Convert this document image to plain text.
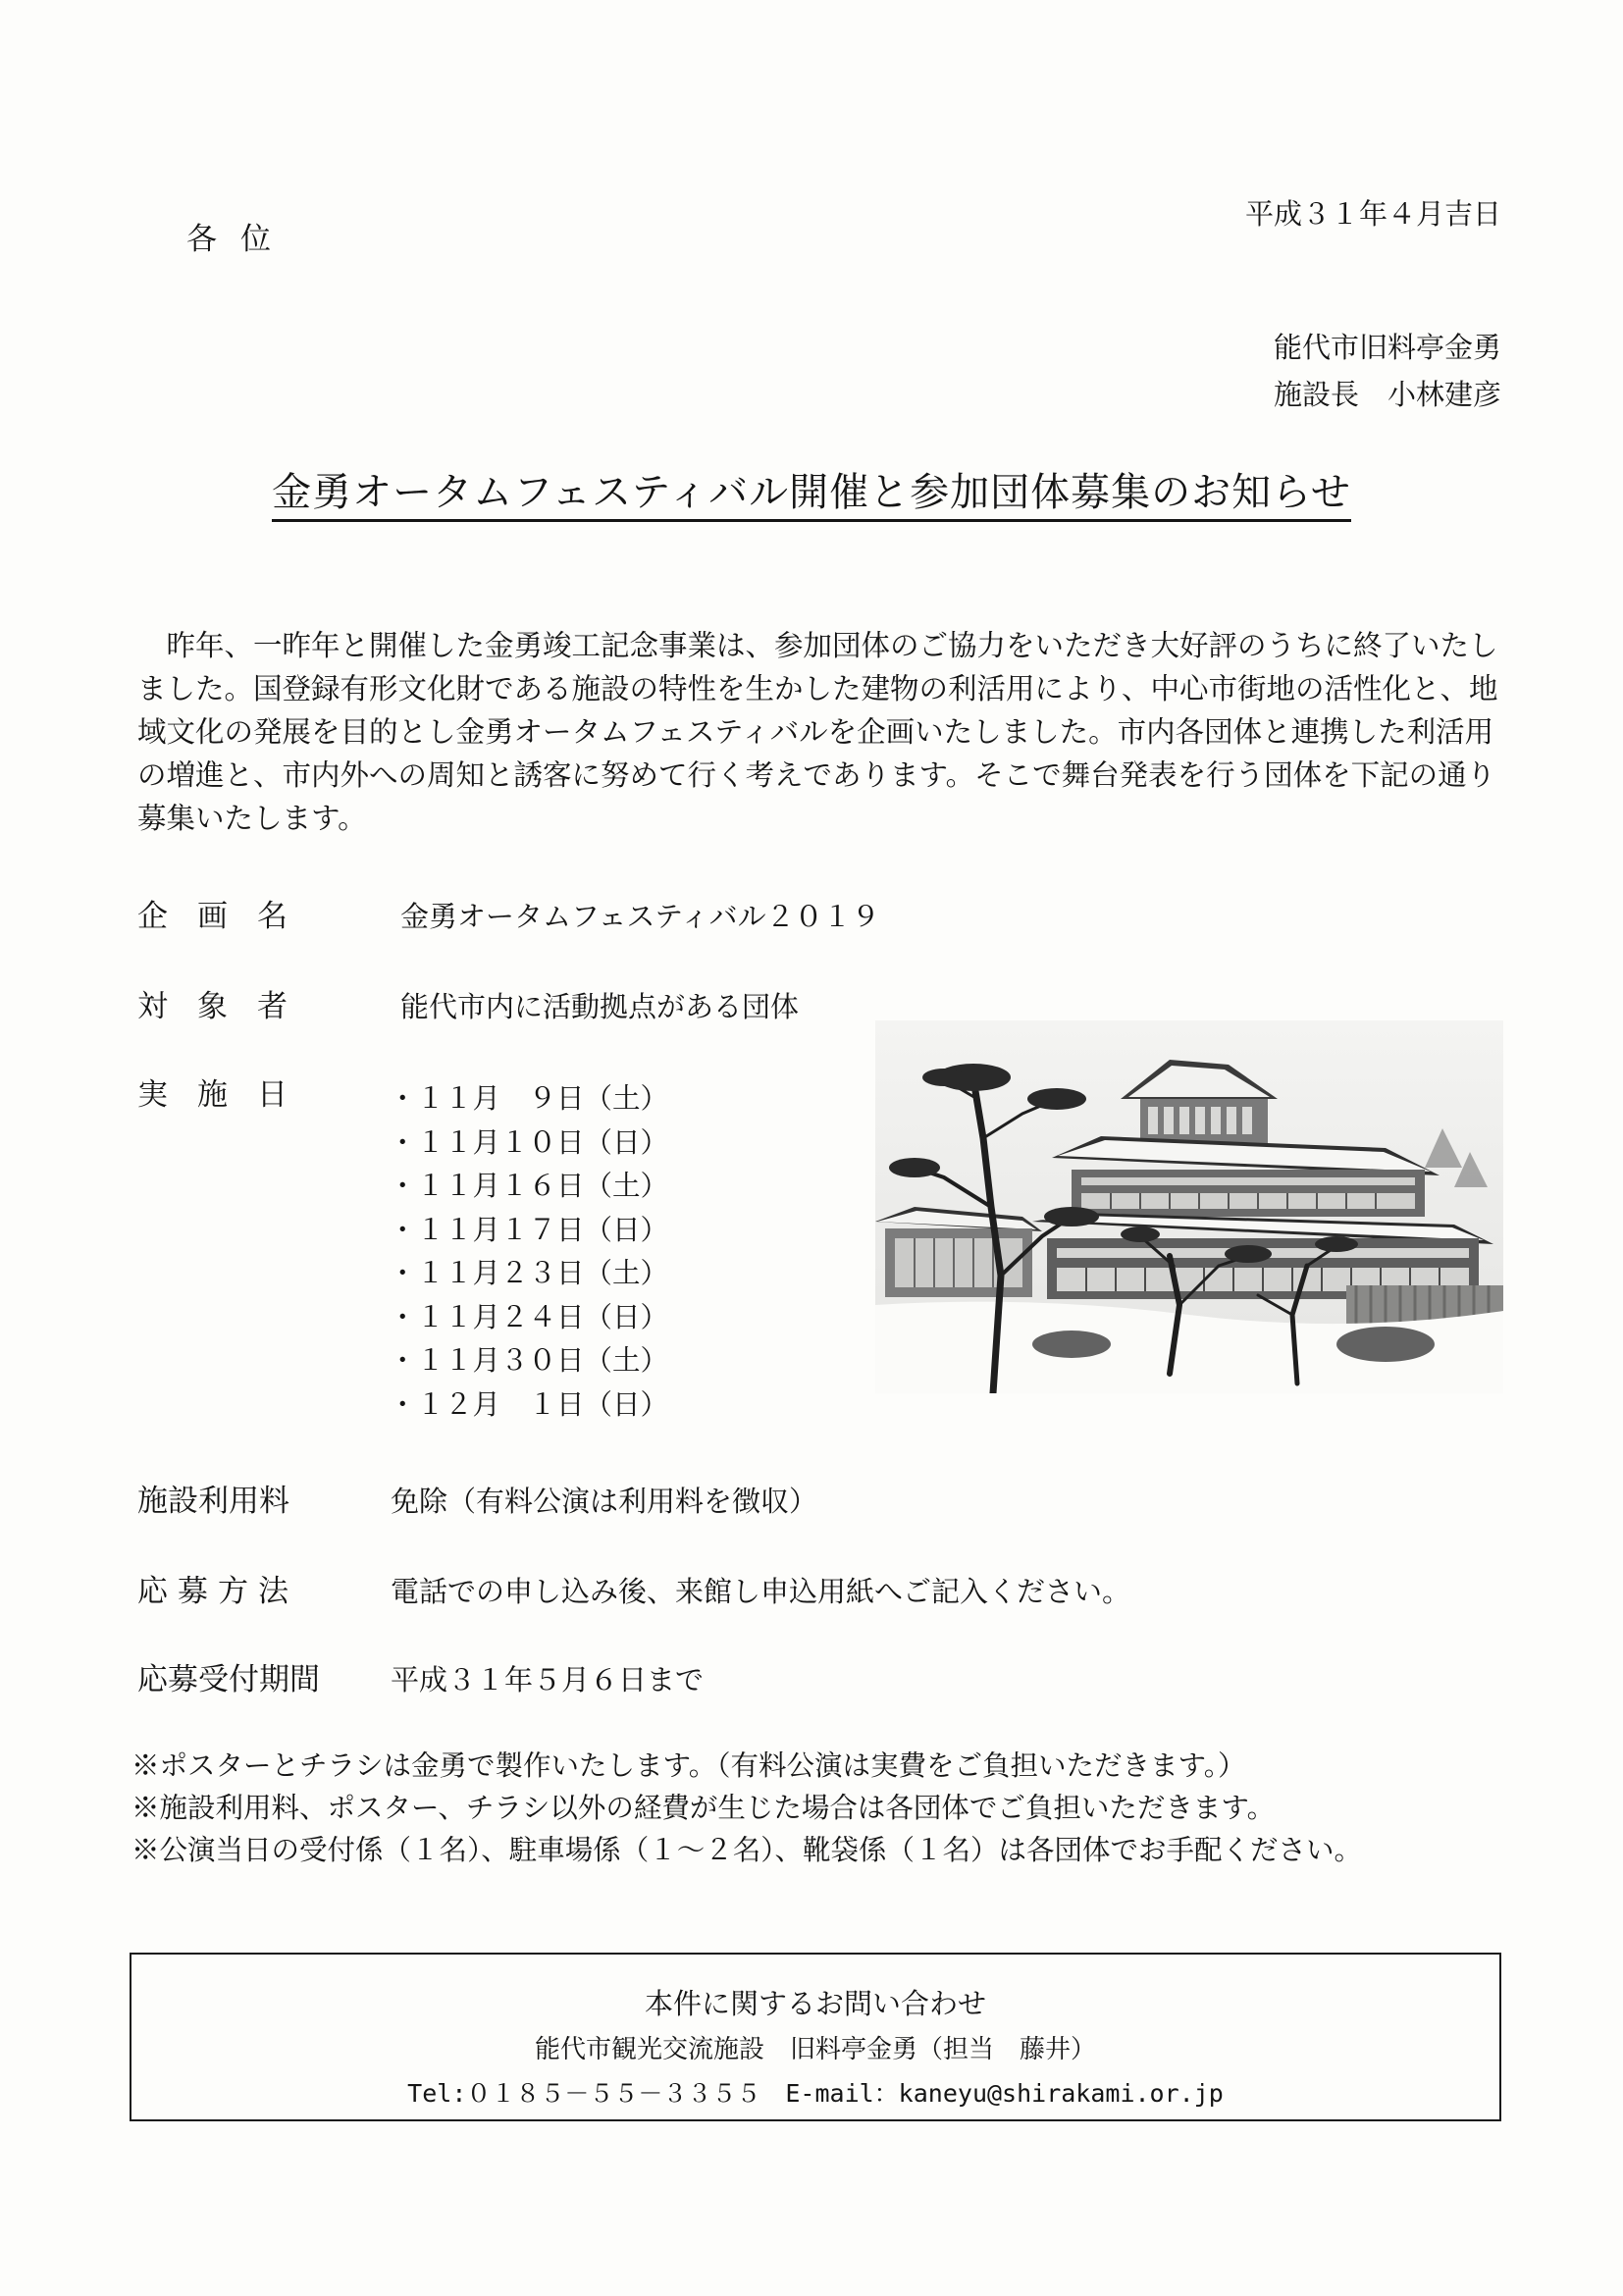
各位
平成３１年４月吉日
能代市旧料亭金勇
施設長　小林建彦
金勇オータムフェスティバル開催と参加団体募集のお知らせ
　昨年、一昨年と開催した金勇竣工記念事業は、参加団体のご協力をいただき大好評のうちに終了いたしました。国登録有形文化財である施設の特性を生かした建物の利活用により、中心市街地の活性化と、地域文化の発展を目的とし金勇オータムフェスティバルを企画いたしました。市内各団体と連携した利活用の増進と、市内外への周知と誘客に努めて行く考えであります。そこで舞台発表を行う団体を下記の通り募集いたします。
企画名	金勇オータムフェスティバル２０１９
対象者	能代市内に活動拠点がある団体
実施日	・１１月　９日（土）
・１１月１０日（日）
・１１月１６日（土）
・１１月１７日（日）
・１１月２３日（土）
・１１月２４日（日）
・１１月３０日（土）
・１２月　１日（日）
施設利用料	免除（有料公演は利用料を徴収）
応募方法	電話での申し込み後、来館し申込用紙へご記入ください。
応募受付期間 平成３１年５月６日まで
※ポスターとチラシは金勇で製作いたします。（有料公演は実費をご負担いただきます。）
※施設利用料、ポスター、チラシ以外の経費が生じた場合は各団体でご負担いただきます。
※公演当日の受付係（１名）、駐車場係（１～２名）、靴袋係（１名）は各団体でお手配ください。
本件に関するお問い合わせ
能代市観光交流施設　旧料亭金勇（担当　藤井）
Tel:０１８５－５５－３３５５　E-mail：kaneyu@shirakami.or.jp
